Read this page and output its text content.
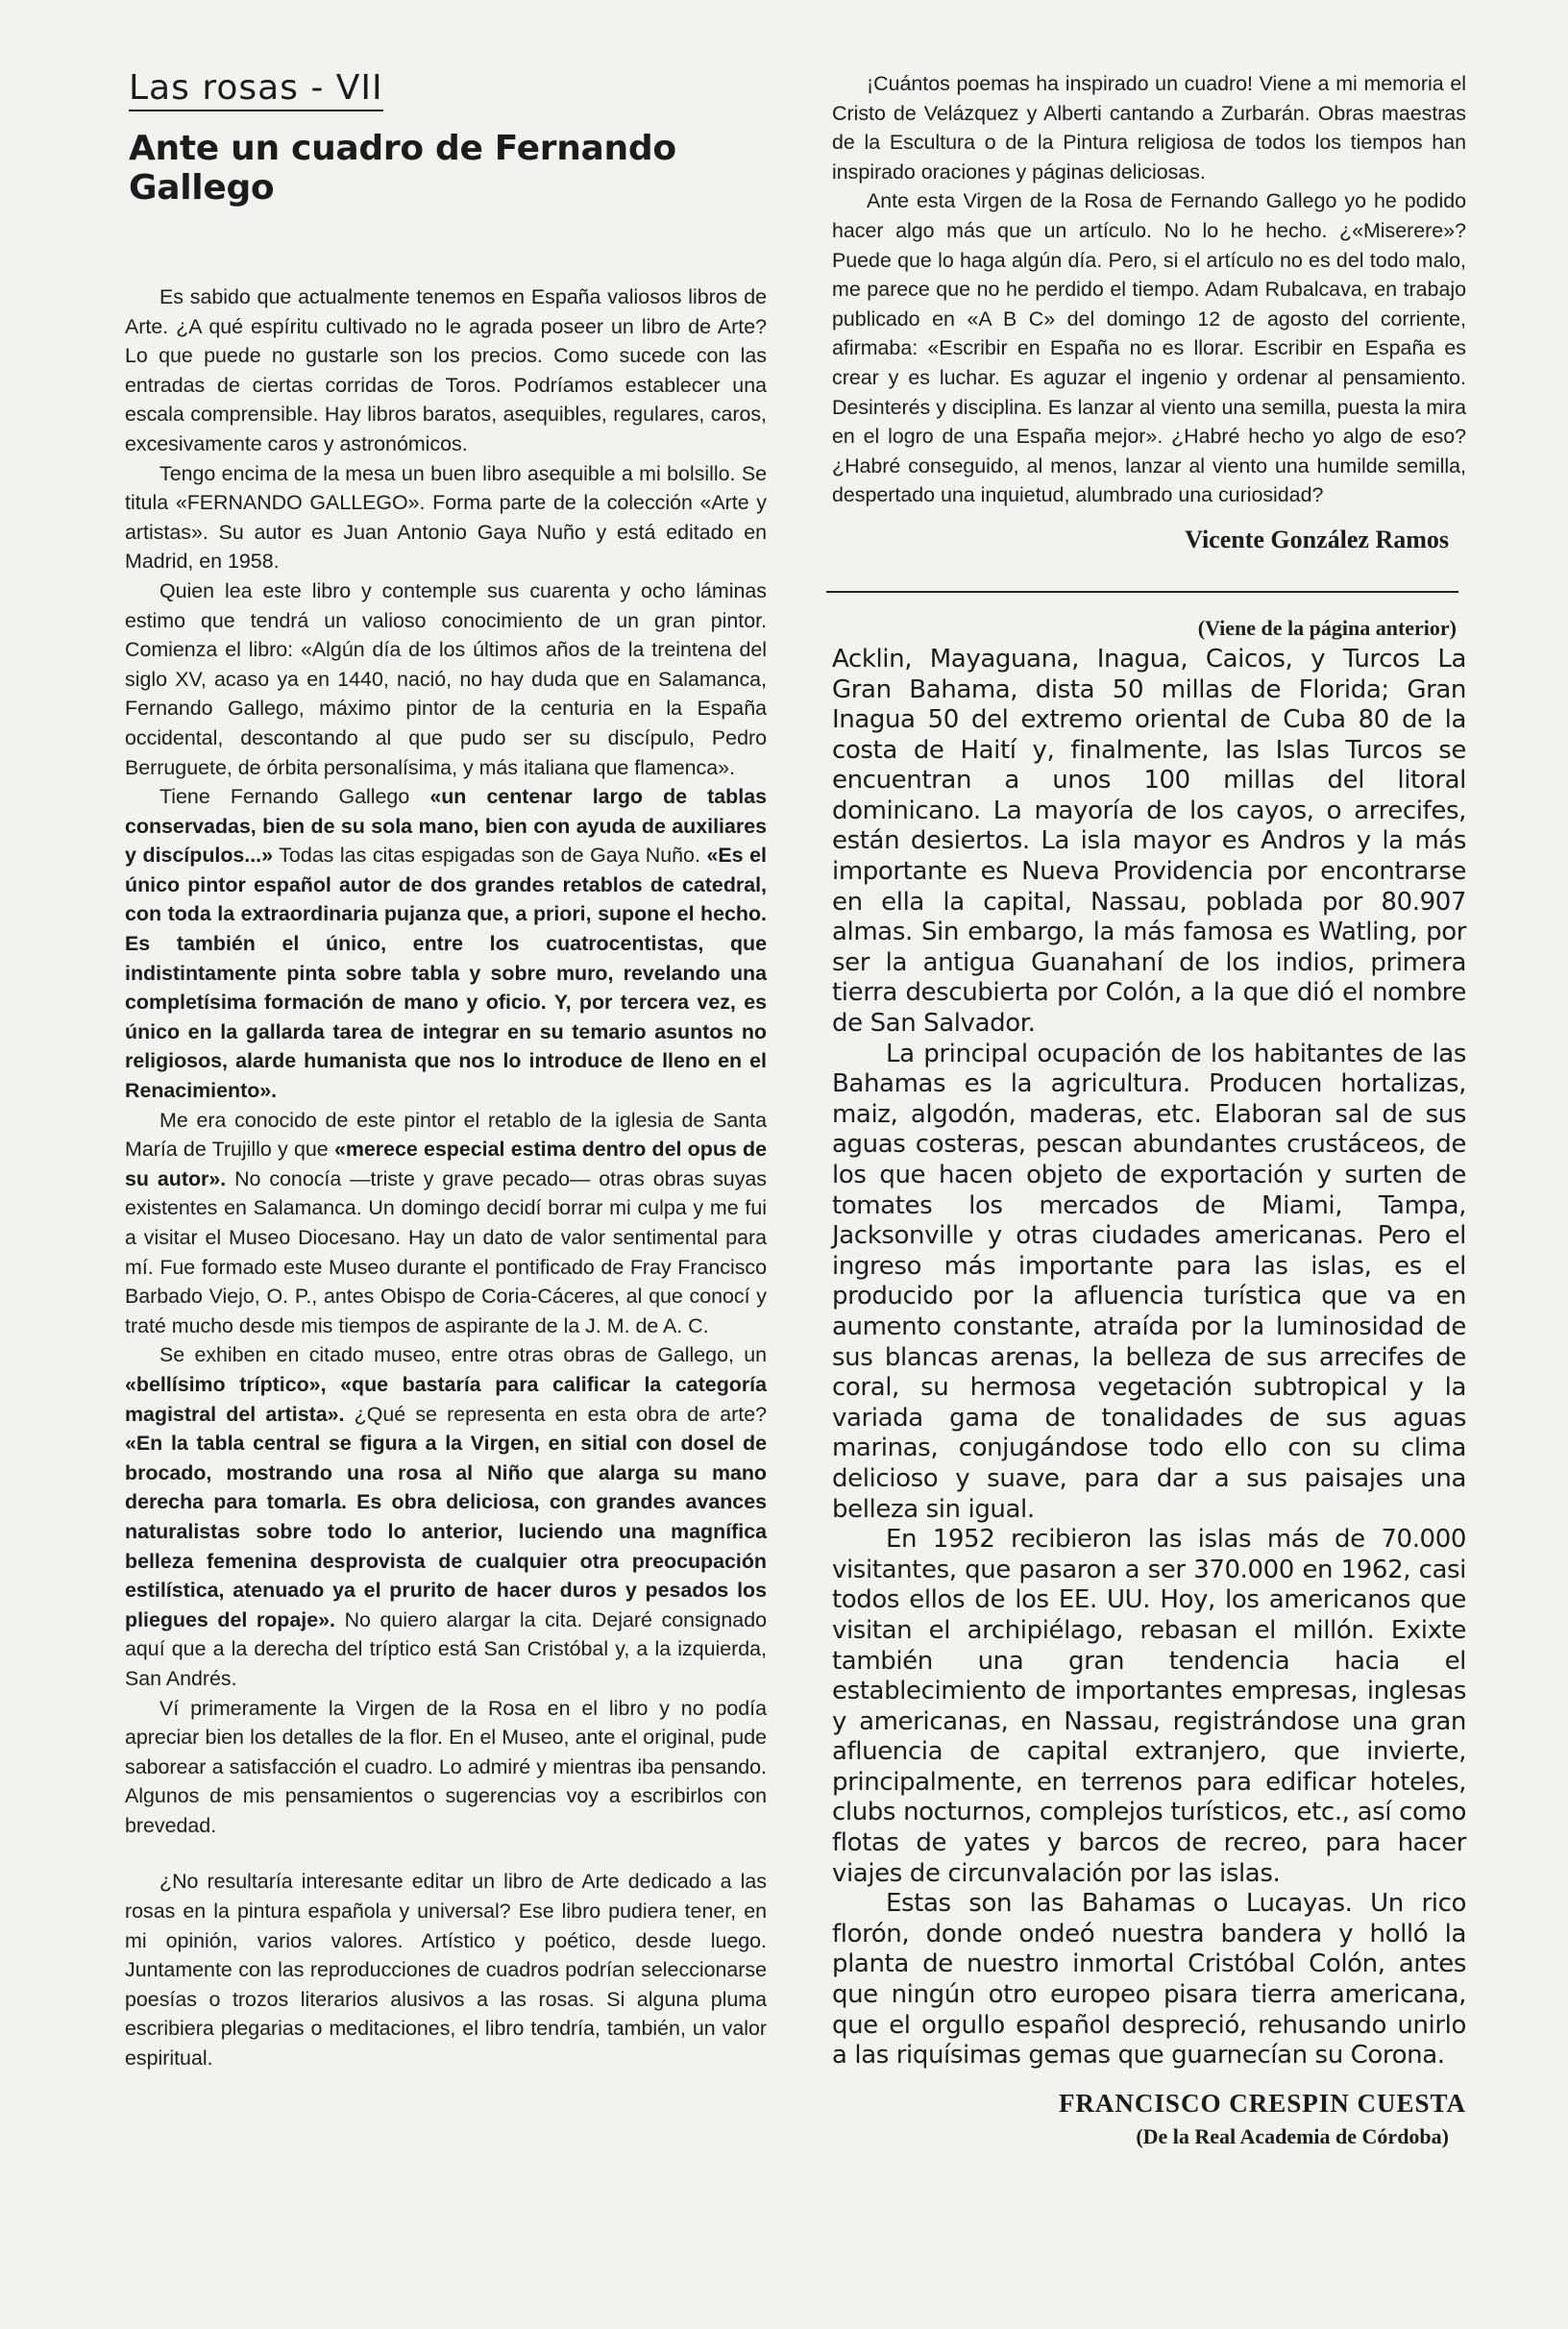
Las rosas - VII
Ante un cuadro de Fernando Gallego

Es sabido que actualmente tenemos en España valiosos libros de Arte. ¿A qué espíritu cultivado no le agrada poseer un libro de Arte? Lo que puede no gustarle son los precios. Como sucede con las entradas de ciertas corridas de Toros. Podríamos establecer una escala comprensible. Hay libros baratos, asequibles, regulares, caros, excesivamente caros y astronómicos.

Tengo encima de la mesa un buen libro asequible a mi bolsillo. Se titula «FERNANDO GALLEGO». Forma parte de la colección «Arte y artistas». Su autor es Juan Antonio Gaya Nuño y está editado en Madrid, en 1958.

Quien lea este libro y contemple sus cuarenta y ocho láminas estimo que tendrá un valioso conocimiento de un gran pintor. Comienza el libro: «Algún día de los últimos años de la treintena del siglo XV, acaso ya en 1440, nació, no hay duda que en Salamanca, Fernando Gallego, máximo pintor de la centuria en la España occidental, descontando al que pudo ser su discípulo, Pedro Berruguete, de órbita personalísima, y más italiana que flamenca».

Tiene Fernando Gallego «un centenar largo de tablas conservadas, bien de su sola mano, bien con ayuda de auxiliares y discípulos...» Todas las citas espigadas son de Gaya Nuño. «Es el único pintor español autor de dos grandes retablos de catedral, con toda la extraordinaria pujanza que, a priori, supone el hecho. Es también el único, entre los cuatrocentistas, que indistintamente pinta sobre tabla y sobre muro, revelando una completísima formación de mano y oficio. Y, por tercera vez, es único en la gallarda tarea de integrar en su temario asuntos no religiosos, alarde humanista que nos lo introduce de lleno en el Renacimiento».

Me era conocido de este pintor el retablo de la iglesia de Santa María de Trujillo y que «merece especial estima dentro del opus de su autor». No conocía —triste y grave pecado— otras obras suyas existentes en Salamanca. Un domingo decidí borrar mi culpa y me fui a visitar el Museo Diocesano. Hay un dato de valor sentimental para mí. Fue formado este Museo durante el pontificado de Fray Francisco Barbado Viejo, O. P., antes Obispo de Coria-Cáceres, al que conocí y traté mucho desde mis tiempos de aspirante de la J. M. de A. C.

Se exhiben en citado museo, entre otras obras de Gallego, un «bellísimo tríptico», «que bastaría para calificar la categoría magistral del artista». ¿Qué se representa en esta obra de arte? «En la tabla central se figura a la Virgen, en sitial con dosel de brocado, mostrando una rosa al Niño que alarga su mano derecha para tomarla. Es obra deliciosa, con grandes avances naturalistas sobre todo lo anterior, luciendo una magnífica belleza femenina desprovista de cualquier otra preocupación estilística, atenuado ya el prurito de hacer duros y pesados los pliegues del ropaje». No quiero alargar la cita. Dejaré consignado aquí que a la derecha del tríptico está San Cristóbal y, a la izquierda, San Andrés.

Ví primeramente la Virgen de la Rosa en el libro y no podía apreciar bien los detalles de la flor. En el Museo, ante el original, pude saborear a satisfacción el cuadro. Lo admiré y mientras iba pensando. Algunos de mis pensamientos o sugerencias voy a escribirlos con brevedad.

¿No resultaría interesante editar un libro de Arte dedicado a las rosas en la pintura española y universal? Ese libro pudiera tener, en mi opinión, varios valores. Artístico y poético, desde luego. Juntamente con las reproducciones de cuadros podrían seleccionarse poesías o trozos literarios alusivos a las rosas. Si alguna pluma escribiera plegarias o meditaciones, el libro tendría, también, un valor espiritual.

¡Cuántos poemas ha inspirado un cuadro! Viene a mi memoria el Cristo de Velázquez y Alberti cantando a Zurbarán. Obras maestras de la Escultura o de la Pintura religiosa de todos los tiempos han inspirado oraciones y páginas deliciosas.

Ante esta Virgen de la Rosa de Fernando Gallego yo he podido hacer algo más que un artículo. No lo he hecho. ¿«Miserere»? Puede que lo haga algún día. Pero, si el artículo no es del todo malo, me parece que no he perdido el tiempo. Adam Rubalcava, en trabajo publicado en «A B C» del domingo 12 de agosto del corriente, afirmaba: «Escribir en España no es llorar. Escribir en España es crear y es luchar. Es aguzar el ingenio y ordenar al pensamiento. Desinterés y disciplina. Es lanzar al viento una semilla, puesta la mira en el logro de una España mejor». ¿Habré hecho yo algo de eso? ¿Habré conseguido, al menos, lanzar al viento una humilde semilla, despertado una inquietud, alumbrado una curiosidad?

Vicente González Ramos
(Viene de la página anterior)

Acklin, Mayaguana, Inagua, Caicos, y Turcos La Gran Bahama, dista 50 millas de Florida; Gran Inagua 50 del extremo oriental de Cuba 80 de la costa de Haití y, finalmente, las Islas Turcos se encuentran a unos 100 millas del litoral dominicano. La mayoría de los cayos, o arrecifes, están desiertos. La isla mayor es Andros y la más importante es Nueva Providencia por encontrarse en ella la capital, Nassau, poblada por 80.907 almas. Sin embargo, la más famosa es Watling, por ser la antigua Guanahaní de los indios, primera tierra descubierta por Colón, a la que dió el nombre de San Salvador.

La principal ocupación de los habitantes de las Bahamas es la agricultura. Producen hortalizas, maiz, algodón, maderas, etc. Elaboran sal de sus aguas costeras, pescan abundantes crustáceos, de los que hacen objeto de exportación y surten de tomates los mercados de Miami, Tampa, Jacksonville y otras ciudades americanas. Pero el ingreso más importante para las islas, es el producido por la afluencia turística que va en aumento constante, atraída por la luminosidad de sus blancas arenas, la belleza de sus arrecifes de coral, su hermosa vegetación subtropical y la variada gama de tonalidades de sus aguas marinas, conjugándose todo ello con su clima delicioso y suave, para dar a sus paisajes una belleza sin igual.

En 1952 recibieron las islas más de 70.000 visitantes, que pasaron a ser 370.000 en 1962, casi todos ellos de los EE. UU. Hoy, los americanos que visitan el archipiélago, rebasan el millón. Exixte también una gran tendencia hacia el establecimiento de importantes empresas, inglesas y americanas, en Nassau, registrándose una gran afluencia de capital extranjero, que invierte, principalmente, en terrenos para edificar hoteles, clubs nocturnos, complejos turísticos, etc., así como flotas de yates y barcos de recreo, para hacer viajes de circunvalación por las islas.

Estas son las Bahamas o Lucayas. Un rico florón, donde ondeó nuestra bandera y holló la planta de nuestro inmortal Cristóbal Colón, antes que ningún otro europeo pisara tierra americana, que el orgullo español despreció, rehusando unirlo a las riquísimas gemas que guarnecían su Corona.

FRANCISCO CRESPIN CUESTA
(De la Real Academia de Córdoba)
